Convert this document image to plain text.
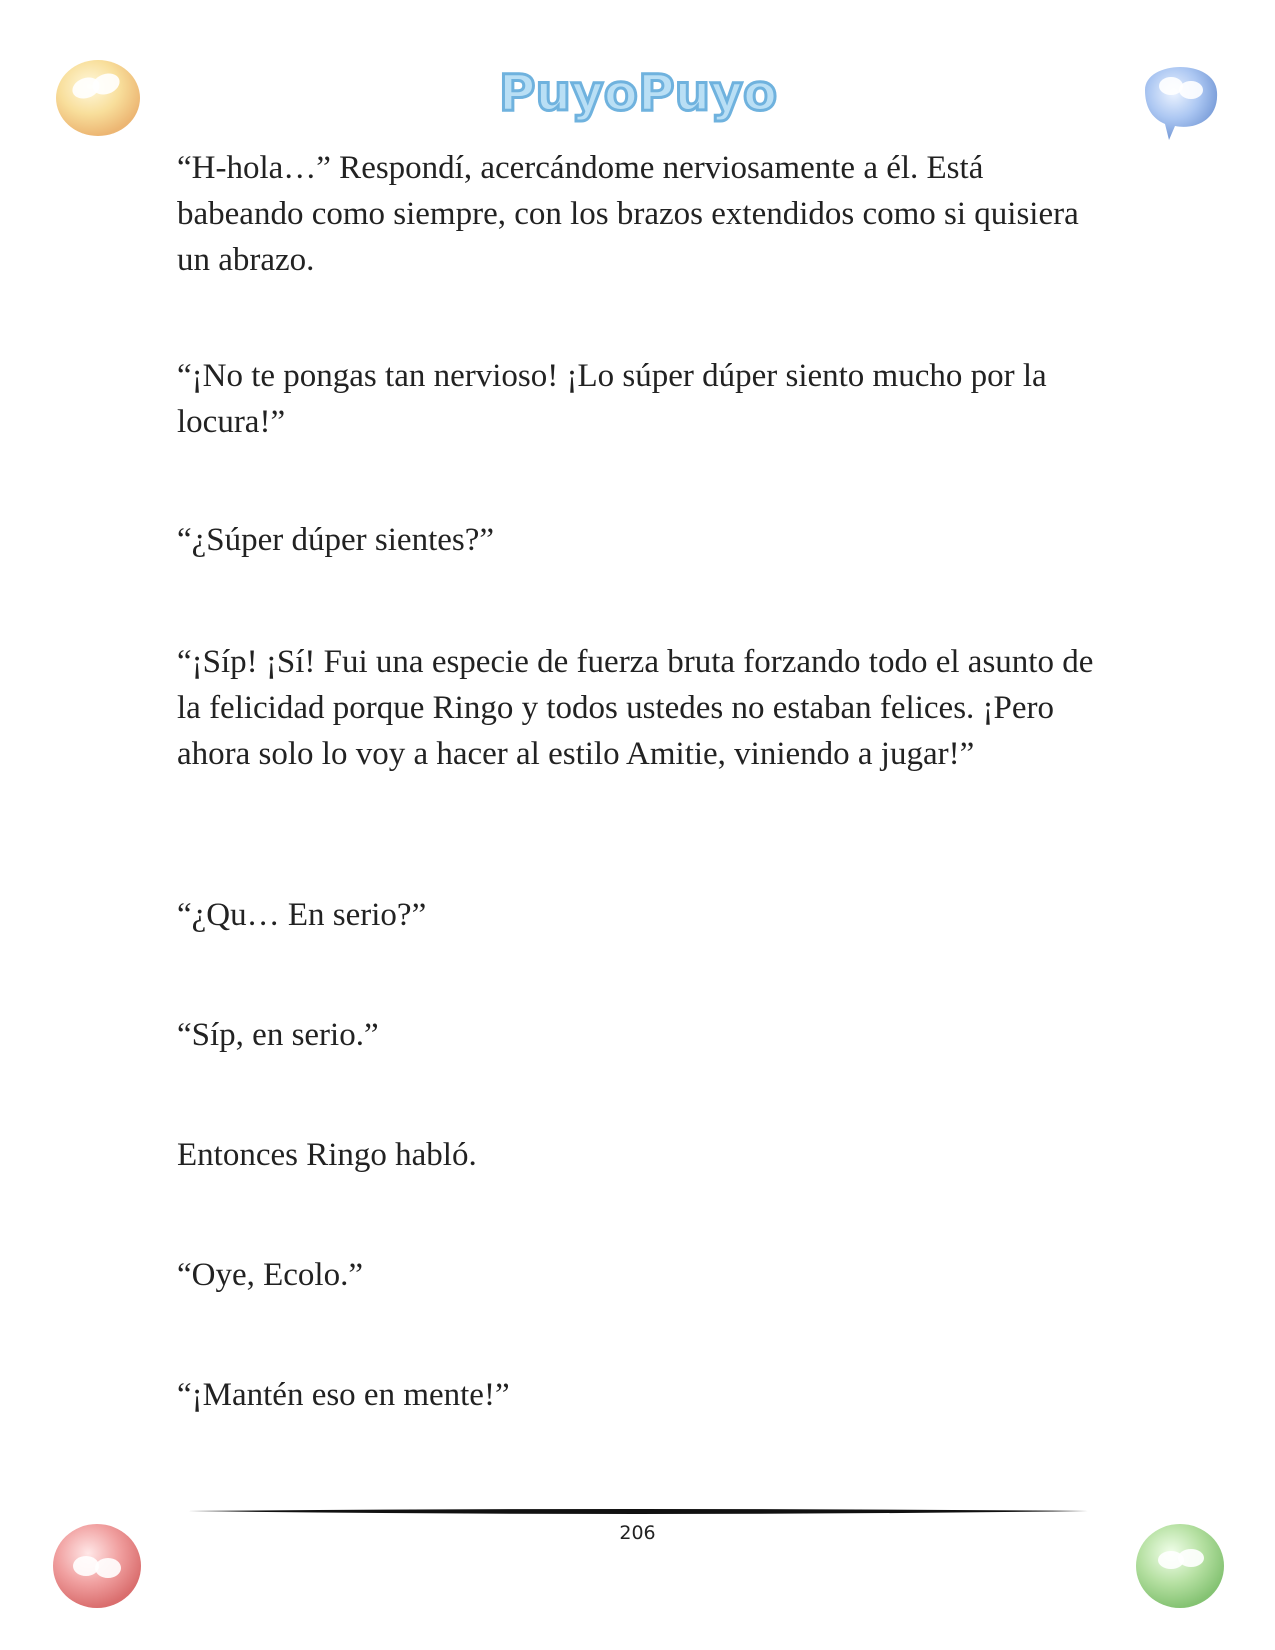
PuyoPuyo

“H-hola…” Respondí, acercándome nerviosamente a él. Está babeando como siempre, con los brazos extendidos como si quisiera un abrazo.

“¡No te pongas tan nervioso! ¡Lo súper dúper siento mucho por la locura!”

“¿Súper dúper sientes?”

“¡Síp! ¡Sí! Fui una especie de fuerza bruta forzando todo el asunto de la felicidad porque Ringo y todos ustedes no estaban felices. ¡Pero ahora solo lo voy a hacer al estilo Amitie, viniendo a jugar!”

“¿Qu… En serio?”

“Síp, en serio.”

Entonces Ringo habló.

“Oye, Ecolo.”

“¡Mantén eso en mente!”

206
